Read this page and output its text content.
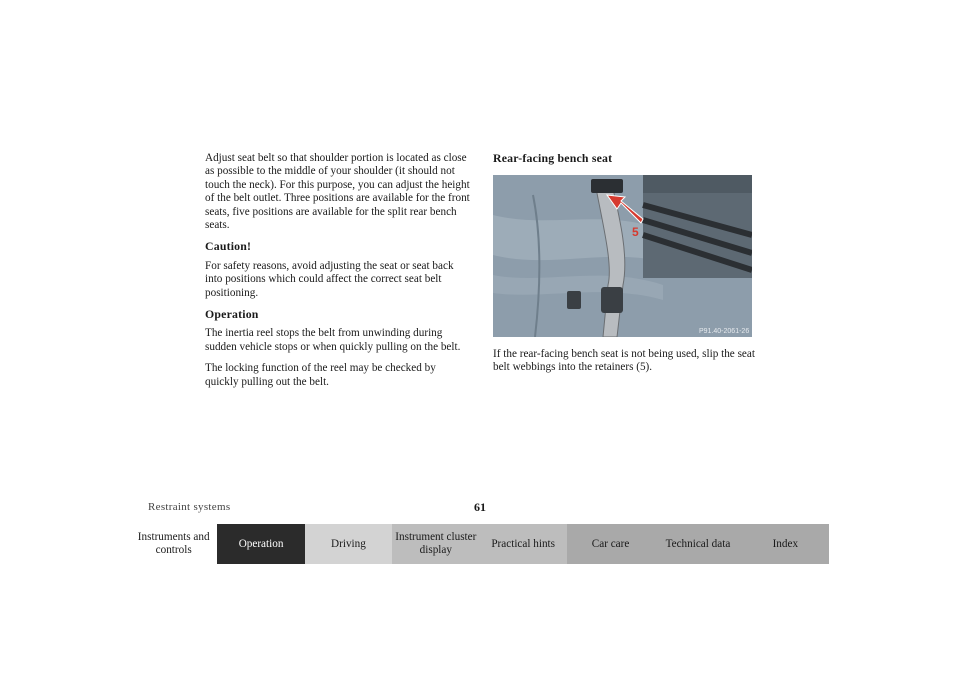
Adjust seat belt so that shoulder portion is located as close as possible to the middle of your shoulder (it should not touch the neck). For this purpose, you can adjust the height of the belt outlet. Three positions are available for the front seats, five positions are available for the split rear bench seats.

Caution!

For safety reasons, avoid adjusting the seat or seat back into positions which could affect the correct seat belt positioning.

Operation

The inertia reel stops the belt from unwinding during sudden vehicle stops or when quickly pulling on the belt.

The locking function of the reel may be checked by quickly pulling out the belt.

Rear-facing bench seat
5
P91.40-2061-26

If the rear-facing bench seat is not being used, slip the seat belt webbings into the retainers (5).

Restraint systems	61
Instruments and controls
Operation	Driving
Instrument cluster display
Practical hints	Car care	Technical data	Index
